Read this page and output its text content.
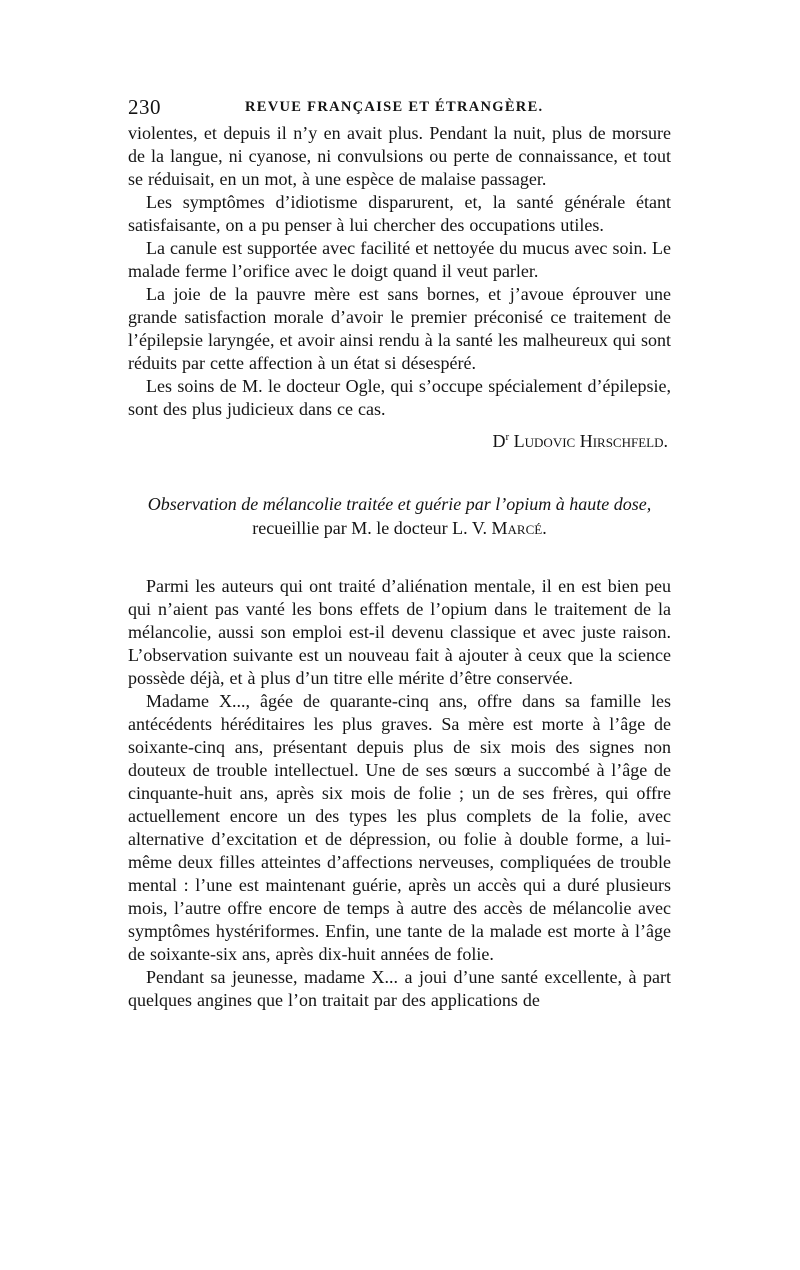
230	REVUE FRANÇAISE ET ÉTRANGÈRE.

violentes, et depuis il n’y en avait plus. Pendant la nuit, plus de morsure de la langue, ni cyanose, ni convulsions ou perte de connaissance, et tout se réduisait, en un mot, à une espèce de malaise passager.

Les symptômes d’idiotisme disparurent, et, la santé générale étant satisfaisante, on a pu penser à lui chercher des occupations utiles.

La canule est supportée avec facilité et nettoyée du mucus avec soin. Le malade ferme l’orifice avec le doigt quand il veut parler.

La joie de la pauvre mère est sans bornes, et j’avoue éprouver une grande satisfaction morale d’avoir le premier préconisé ce traitement de l’épilepsie laryngée, et avoir ainsi rendu à la santé les malheureux qui sont réduits par cette affection à un état si désespéré.

Les soins de M. le docteur Ogle, qui s’occupe spécialement d’épilepsie, sont des plus judicieux dans ce cas.

$D^r$ Ludovic Hirschfeld.

Observation de mélancolie traitée et guérie par l’opium à haute dose, recueillie par M. le docteur L. V. Marcé.

Parmi les auteurs qui ont traité d’aliénation mentale, il en est bien peu qui n’aient pas vanté les bons effets de l’opium dans le traitement de la mélancolie, aussi son emploi est-il devenu classique et avec juste raison. L’observation suivante est un nouveau fait à ajouter à ceux que la science possède déjà, et à plus d’un titre elle mérite d’être conservée.

Madame X..., âgée de quarante-cinq ans, offre dans sa famille les antécédents héréditaires les plus graves. Sa mère est morte à l’âge de soixante-cinq ans, présentant depuis plus de six mois des signes non douteux de trouble intellectuel. Une de ses sœurs a succombé à l’âge de cinquante-huit ans, après six mois de folie ; un de ses frères, qui offre actuellement encore un des types les plus complets de la folie, avec alternative d’excitation et de dépression, ou folie à double forme, a lui-même deux filles atteintes d’affections nerveuses, compliquées de trouble mental : l’une est maintenant guérie, après un accès qui a duré plusieurs mois, l’autre offre encore de temps à autre des accès de mélancolie avec symptômes hystériformes. Enfin, une tante de la malade est morte à l’âge de soixante-six ans, après dix-huit années de folie.

Pendant sa jeunesse, madame X... a joui d’une santé excellente, à part quelques angines que l’on traitait par des applications de
